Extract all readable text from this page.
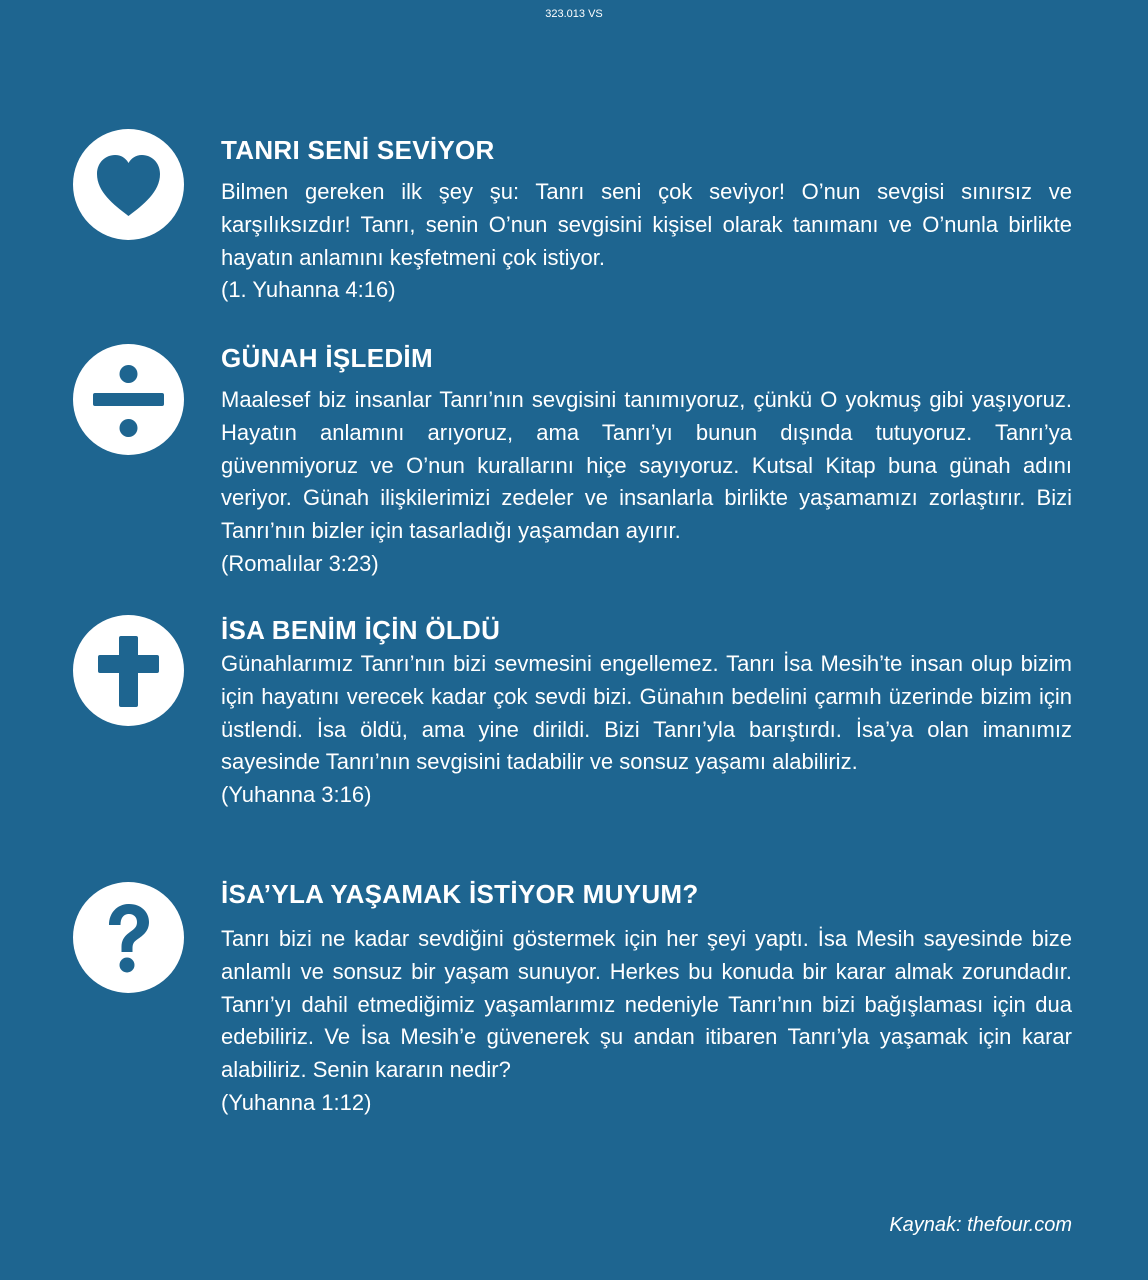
323.013 VS
TANRI SENİ SEVİYOR

Bilmen gereken ilk şey şu: Tanrı seni çok seviyor! O’nun sevgisi sınırsız ve karşılıksızdır! Tanrı, senin O’nun sevgisini kişisel olarak tanımanı ve O’nunla birlikte hayatın anlamını keşfetmeni çok istiyor.

(1. Yuhanna 4:16)

GÜNAH İŞLEDİM

Maalesef biz insanlar Tanrı’nın sevgisini tanımıyoruz, çünkü O yokmuş gibi yaşıyoruz. Hayatın anlamını arıyoruz, ama Tanrı’yı bunun dışında tutuyoruz. Tanrı’ya güvenmiyoruz ve O’nun kurallarını hiçe sayıyoruz. Kutsal Kitap buna günah adını veriyor. Günah ilişkilerimizi zedeler ve insanlarla birlikte yaşamamızı zorlaştırır. Bizi Tanrı’nın bizler için tasarladığı yaşamdan ayırır.

(Romalılar 3:23)

İSA BENİM İÇİN ÖLDÜ

Günahlarımız Tanrı’nın bizi sevmesini engellemez. Tanrı İsa Mesih’te insan olup bizim için hayatını verecek kadar çok sevdi bizi. Günahın bedelini çarmıh üzerinde bizim için üstlendi. İsa öldü, ama yine dirildi. Bizi Tanrı’yla barıştırdı. İsa’ya olan imanımız sayesinde Tanrı’nın sevgisini tadabilir ve sonsuz yaşamı alabiliriz.

(Yuhanna 3:16)

İSA’YLA YAŞAMAK İSTİYOR MUYUM?

Tanrı bizi ne kadar sevdiğini göstermek için her şeyi yaptı. İsa Mesih sayesinde bize anlamlı ve sonsuz bir yaşam sunuyor. Herkes bu konuda bir karar almak zorundadır. Tanrı’yı dahil etmediğimiz yaşamlarımız nedeniyle Tanrı’nın bizi bağışlaması için dua edebiliriz. Ve İsa Mesih’e güvenerek şu andan itibaren Tanrı’yla yaşamak için karar alabiliriz. Senin kararın nedir?

(Yuhanna 1:12)

Kaynak: thefour.com
